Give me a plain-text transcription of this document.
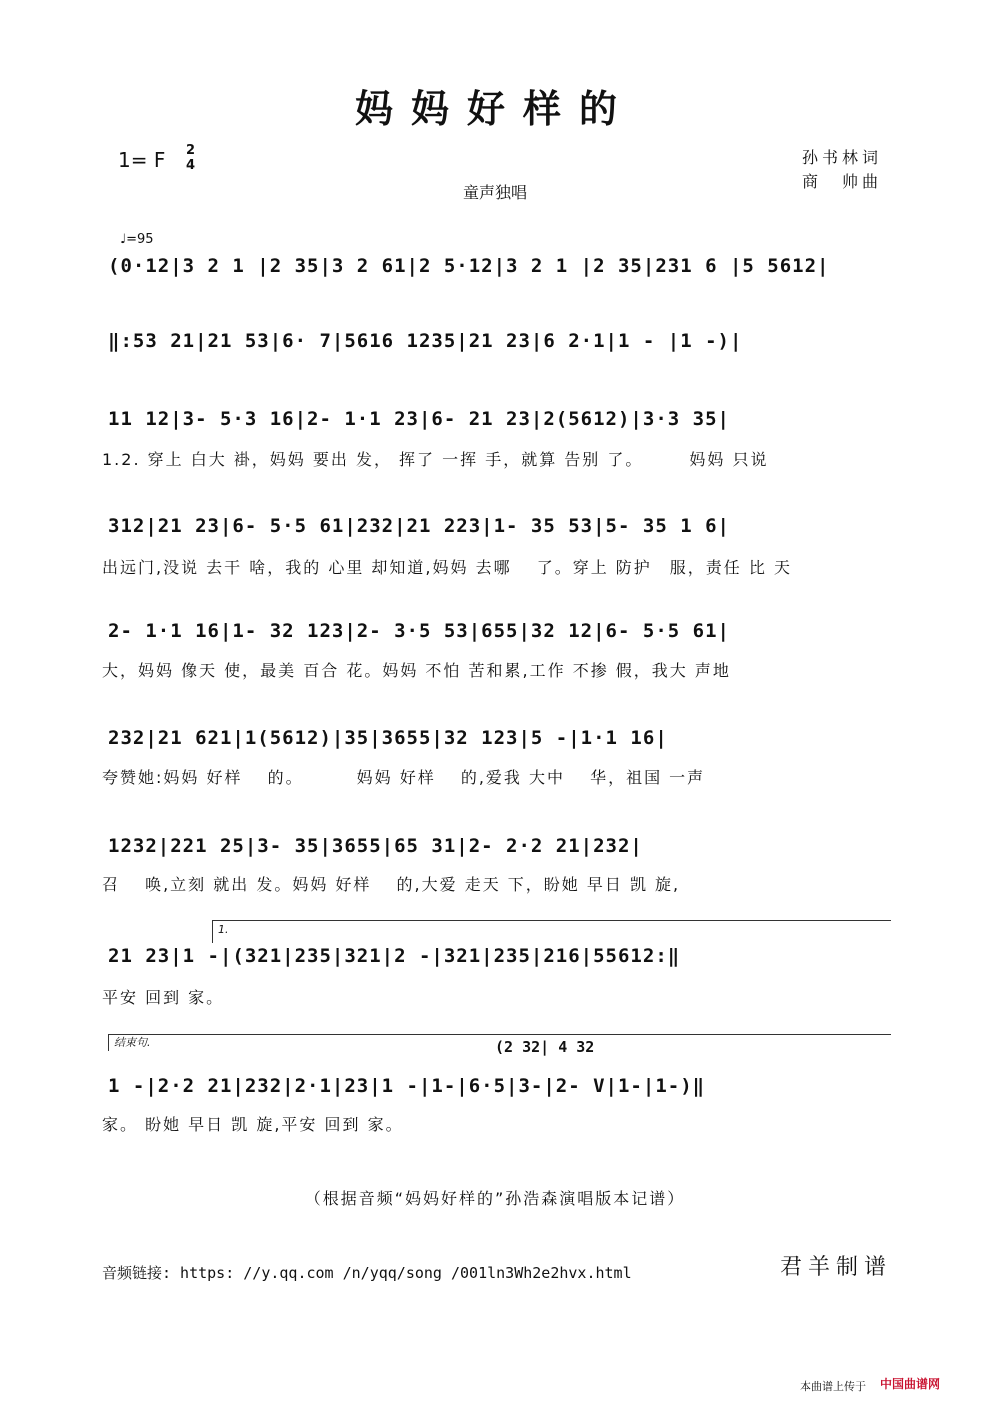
妈妈好样的
1= F 2
4
童声独唱
孙书林词
商　帅曲
♩=95
(0·12|3 2 1 |2 35|3 2 61|2 5·12|3 2 1 |2 35|231 6 |5 5612|
‖:53 21|21 53|6· 7|5616 1235|21 23|6 2·1|1 - |1 -)|
11 12|3- 5·3 16|2- 1·1 23|6- 21 23|2(5612)|3·3 35|
1.2. 穿上 白大 褂，妈妈 要出 发， 挥了 一挥 手，就算 告别 了。　　　妈妈 只说
312|21 23|6- 5·5 61|232|21 223|1- 35 53|5- 35 1 6|
出远门,没说 去干 啥，我的 心里 却知道,妈妈 去哪　 了。穿上 防护　服，责任 比 天
2- 1·1 16|1- 32 123|2- 3·5 53|655|32 12|6- 5·5 61|
大，妈妈 像天 使，最美 百合 花。妈妈 不怕 苦和累,工作 不掺 假，我大 声地
232|21 621|1(5612)|35|3655|32 123|5 -|1·1 16|
夸赞她:妈妈 好样　 的。　　　 妈妈 好样　 的,爱我 大中　 华，祖国 一声
1232|221 25|3- 35|3655|65 31|2- 2·2 21|232|
召　 唤,立刻 就出 发。妈妈 好样　 的,大爱 走天 下，盼她 早日 凯 旋,
1.
21 23|1 -|(321|235|321|2 -|321|235|216|55612:‖
平安 回到 家。
结束句.	(2 32| 4 32
1 -|2·2 21|232|2·1|23|1 -|1-|6·5|3-|2- V|1-|1-)‖
家。 盼她 早日 凯 旋,平安 回到 家。
（根据音频“妈妈好样的”孙浩森演唱版本记谱）
音频链接: https: //y.qq.com /n/yqq/song /001ln3Wh2e2hvx.html	君羊制谱
本曲谱上传于 中国曲谱网
